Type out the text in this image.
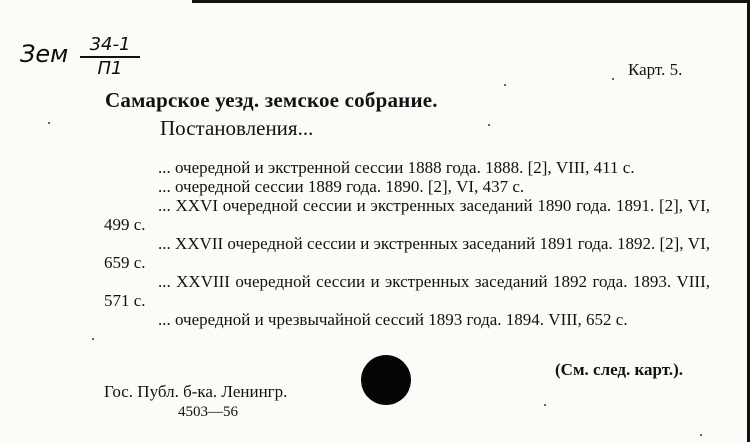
Зем	34-1
П1	Карт. 5.
Самарское уезд. земское собрание.
Постановления...

... очередной и экстренной сессии 1888 года. 1888. [2], VIII, 411 с.

... очередной сессии 1889 года. 1890. [2], VI, 437 с.

... XXVI очередной сессии и экстренных заседаний 1890 года. 1891. [2], VI, 499 с.

... XXVII очередной сессии и экстренных заседаний 1891 года. 1892. [2], VI, 659 с.

... XXVIII очередной сессии и экстренных заседаний 1892 года. 1893. VIII, 571 с.

... очередной и чрезвычайной сессий 1893 года. 1894. VIII, 652 с.

(См. след. карт.).
Гос. Публ. б-ка. Ленингр.
4503—56
